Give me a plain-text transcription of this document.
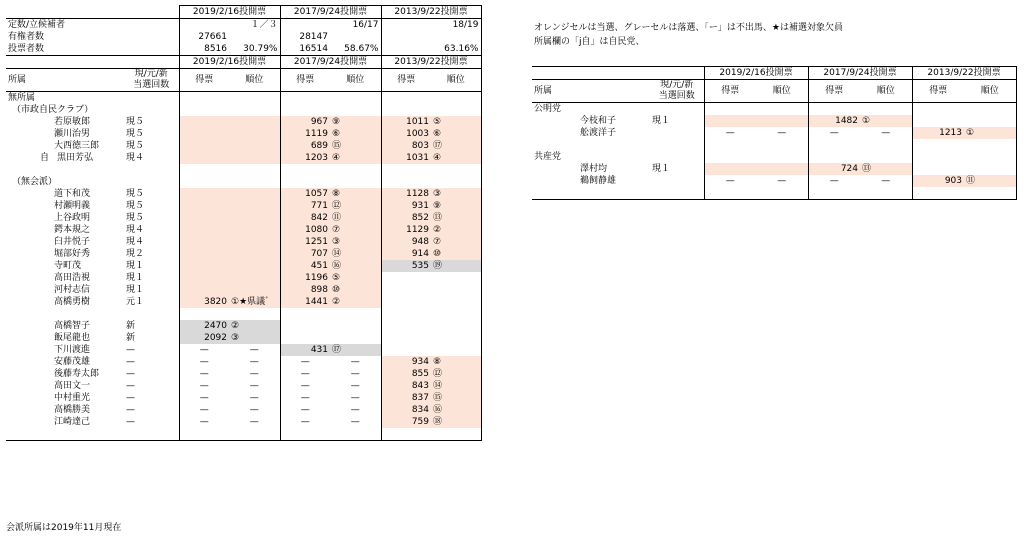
			2019/2/16投開票		2017/9/24投開票		2013/9/22投開票	
定数/立候補者				１／３		16/17		18/19
有権者数			27661		28147			
投票者数			8516	30.79%	16514	58.67%		63.16%
			2019/2/16投開票		2017/9/24投開票		2013/9/22投開票	
所属		現/元/新
当選回数	得票	順位	得票	順位	得票	順位
無所属								
（市政自民クラブ）								
若原敏郎		現５			967	⑨	1011	⑤
瀬川治男		現５			1119	⑥	1003	⑥
大西徳三郎		現５			689	⑮	803	⑰
自 黒田芳弘		現４			1203	④	1031	④

（無会派）								
道下和茂		現５			1057	⑧	1128	③
村瀬明義		現５			771	⑫	931	⑨
上谷政明		現５			842	⑪	852	⑬
鍔本規之		現４			1080	⑦	1129	②
臼井悦子		現４			1251	③	948	⑦
堀部好秀		現２			707	⑭	914	⑩
寺町茂		現１			451	⑯	535	⑲
高田浩視		現１			1196	⑤		
河村志信		現１			898	⑩		
高橋勇樹		元１	3820	①★県議ﾞ	1441	②		

高橋智子		新	2470	②				
飯尾龍也		新	2092	③				
下川渡進		—	—	—	431	⑰		
安藤茂雄		—	—	—	—	—	934	⑧
後藤寿太郎		—	—	—	—	—	855	⑫
高田文一		—	—	—	—	—	843	⑭
中村重光		—	—	—	—	—	837	⑮
高橋勝美		—	—	—	—	—	834	⑯
江崎達己		—	—	—	—	—	759	⑱

会派所属は2019年11月現在
オレンジセルは当選、グレーセルは落選、「ー」は不出馬、★は補選対象欠員
所属欄の「j自」は自民党、
			2019/2/16投開票		2017/9/24投開票		2013/9/22投開票	
所属		現/元/新
当選回数	得票	順位	得票	順位	得票	順位
公明党								
今枝和子		現１			1482	①		
舩渡洋子			—	—	—	—	1213	①

共産党								
澤村均		現１			724	⑬		
鵜飼静雄			—	—	—	—	903	⑪
